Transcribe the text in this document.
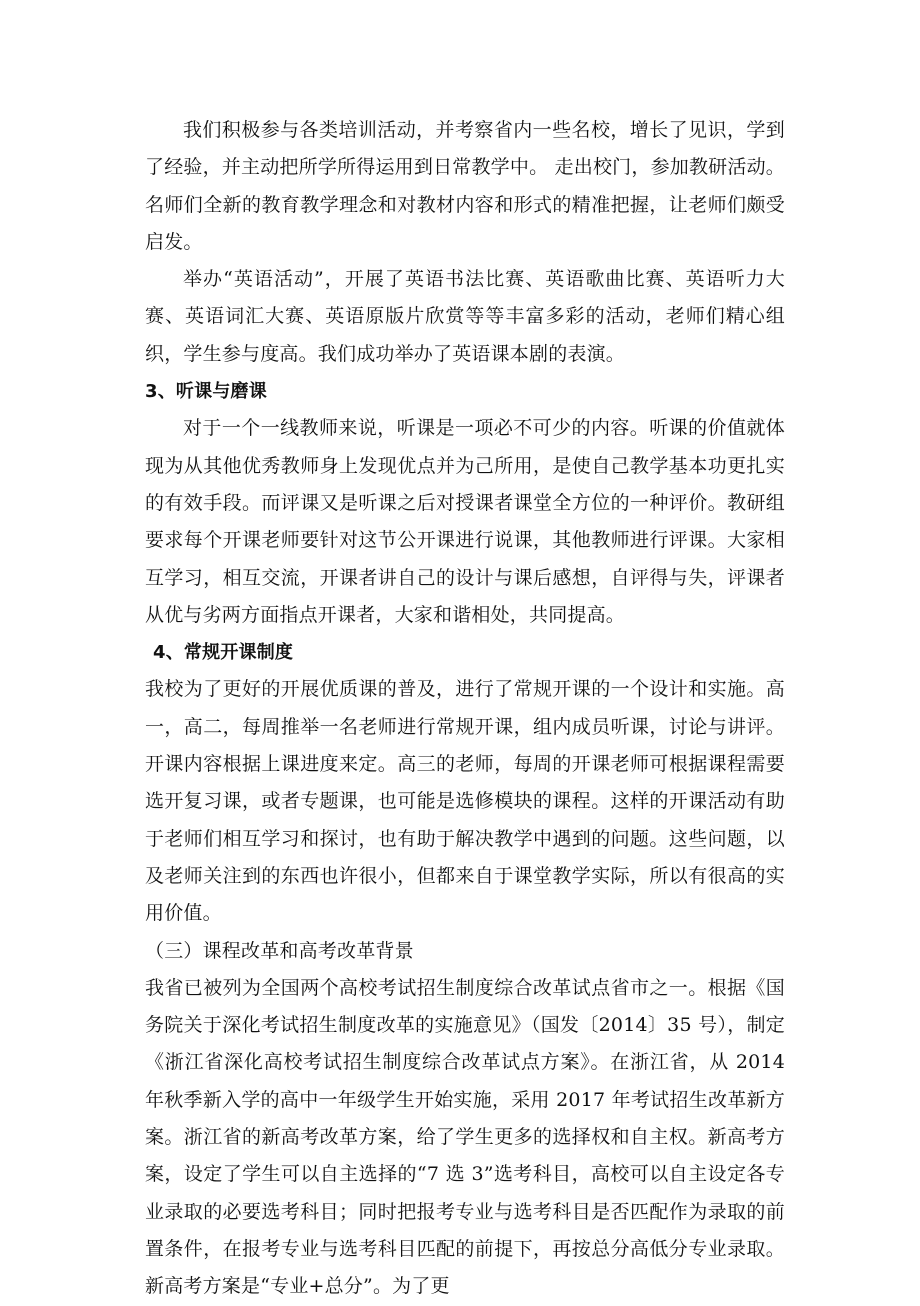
我们积极参与各类培训活动，并考察省内一些名校，增长了见识，学到了经验，并主动把所学所得运用到日常教学中。 走出校门，参加教研活动。名师们全新的教育教学理念和对教材内容和形式的精准把握，让老师们颇受启发。

举办“英语活动”，开展了英语书法比赛、英语歌曲比赛、英语听力大赛、英语词汇大赛、英语原版片欣赏等等丰富多彩的活动，老师们精心组织，学生参与度高。我们成功举办了英语课本剧的表演。

3、听课与磨课

对于一个一线教师来说，听课是一项必不可少的内容。听课的价值就体现为从其他优秀教师身上发现优点并为己所用，是使自己教学基本功更扎实的有效手段。而评课又是听课之后对授课者课堂全方位的一种评价。教研组要求每个开课老师要针对这节公开课进行说课，其他教师进行评课。大家相互学习，相互交流，开课者讲自己的设计与课后感想，自评得与失，评课者从优与劣两方面指点开课者，大家和谐相处，共同提高。

4、常规开课制度

我校为了更好的开展优质课的普及，进行了常规开课的一个设计和实施。高一，高二，每周推举一名老师进行常规开课，组内成员听课，讨论与讲评。开课内容根据上课进度来定。高三的老师，每周的开课老师可根据课程需要选开复习课，或者专题课，也可能是选修模块的课程。这样的开课活动有助于老师们相互学习和探讨，也有助于解决教学中遇到的问题。这些问题，以及老师关注到的东西也许很小，但都来自于课堂教学实际，所以有很高的实用价值。

（三）课程改革和高考改革背景

我省已被列为全国两个高校考试招生制度综合改革试点省市之一。根据《国务院关于深化考试招生制度改革的实施意见》（国发〔2014〕35 号），制定《浙江省深化高校考试招生制度综合改革试点方案》。在浙江省，从 2014 年秋季新入学的高中一年级学生开始实施，采用 2017 年考试招生改革新方案。浙江省的新高考改革方案，给了学生更多的选择权和自主权。新高考方案，设定了学生可以自主选择的“7 选 3”选考科目，高校可以自主设定各专业录取的必要选考科目；同时把报考专业与选考科目是否匹配作为录取的前置条件，在报考专业与选考科目匹配的前提下，再按总分高低分专业录取。新高考方案是“专业+总分”。为了更
